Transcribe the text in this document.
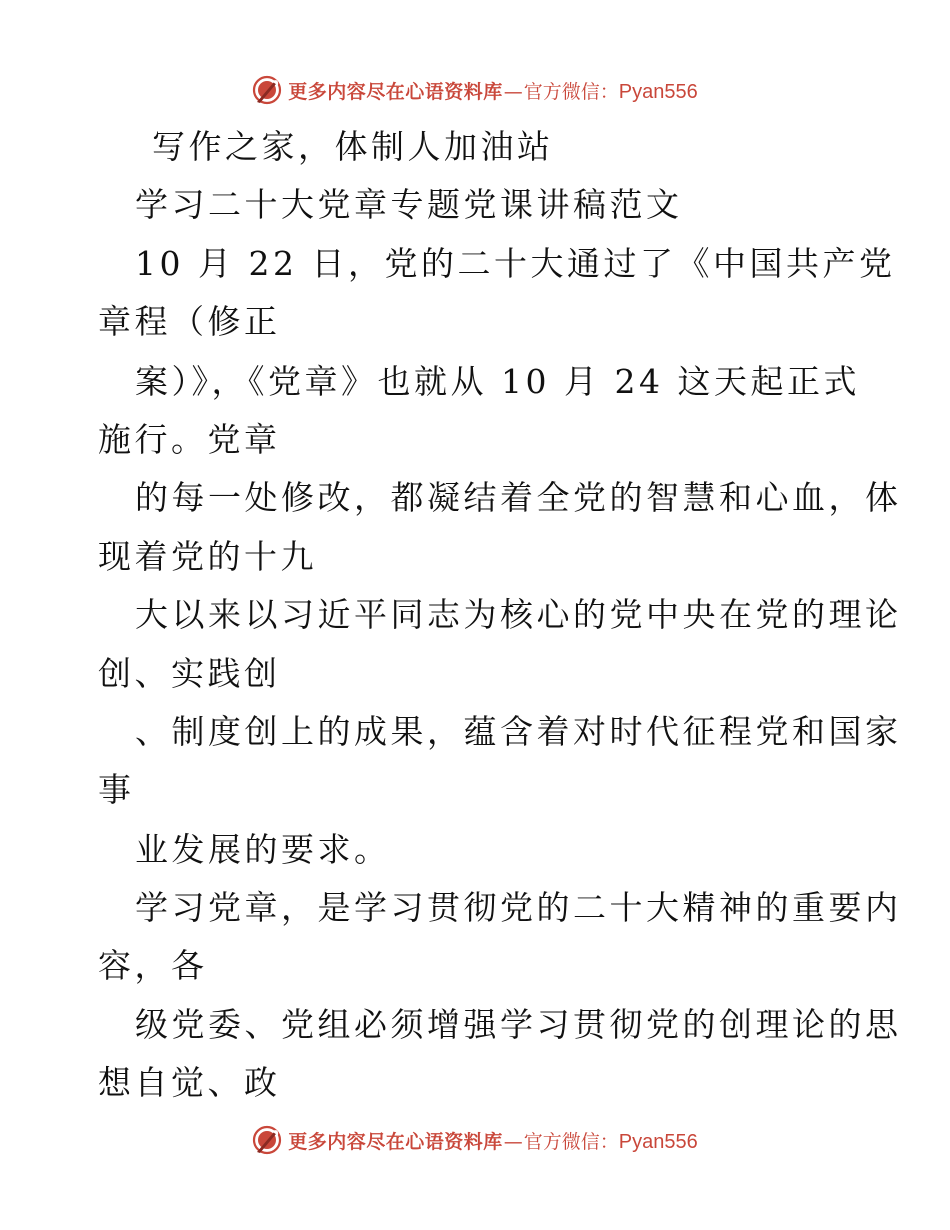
更多内容尽在心语资料库 — 官方微信： Pyan556

写作之家，体制人加油站

学习二十大党章专题党课讲稿范文

10 月 22 日，党的二十大通过了《中国共产党

章程（修正

案）》，《党章》也就从 10 月 24 这天起正式

施行。党章

的每一处修改，都凝结着全党的智慧和心血，体

现着党的十九

大以来以习近平同志为核心的党中央在党的理论

创、实践创

、制度创上的成果，蕴含着对时代征程党和国家

事

业发展的要求。

学习党章，是学习贯彻党的二十大精神的重要内

容，各

级党委、党组必须增强学习贯彻党的创理论的思

想自觉、政

更多内容尽在心语资料库 — 官方微信： Pyan556
